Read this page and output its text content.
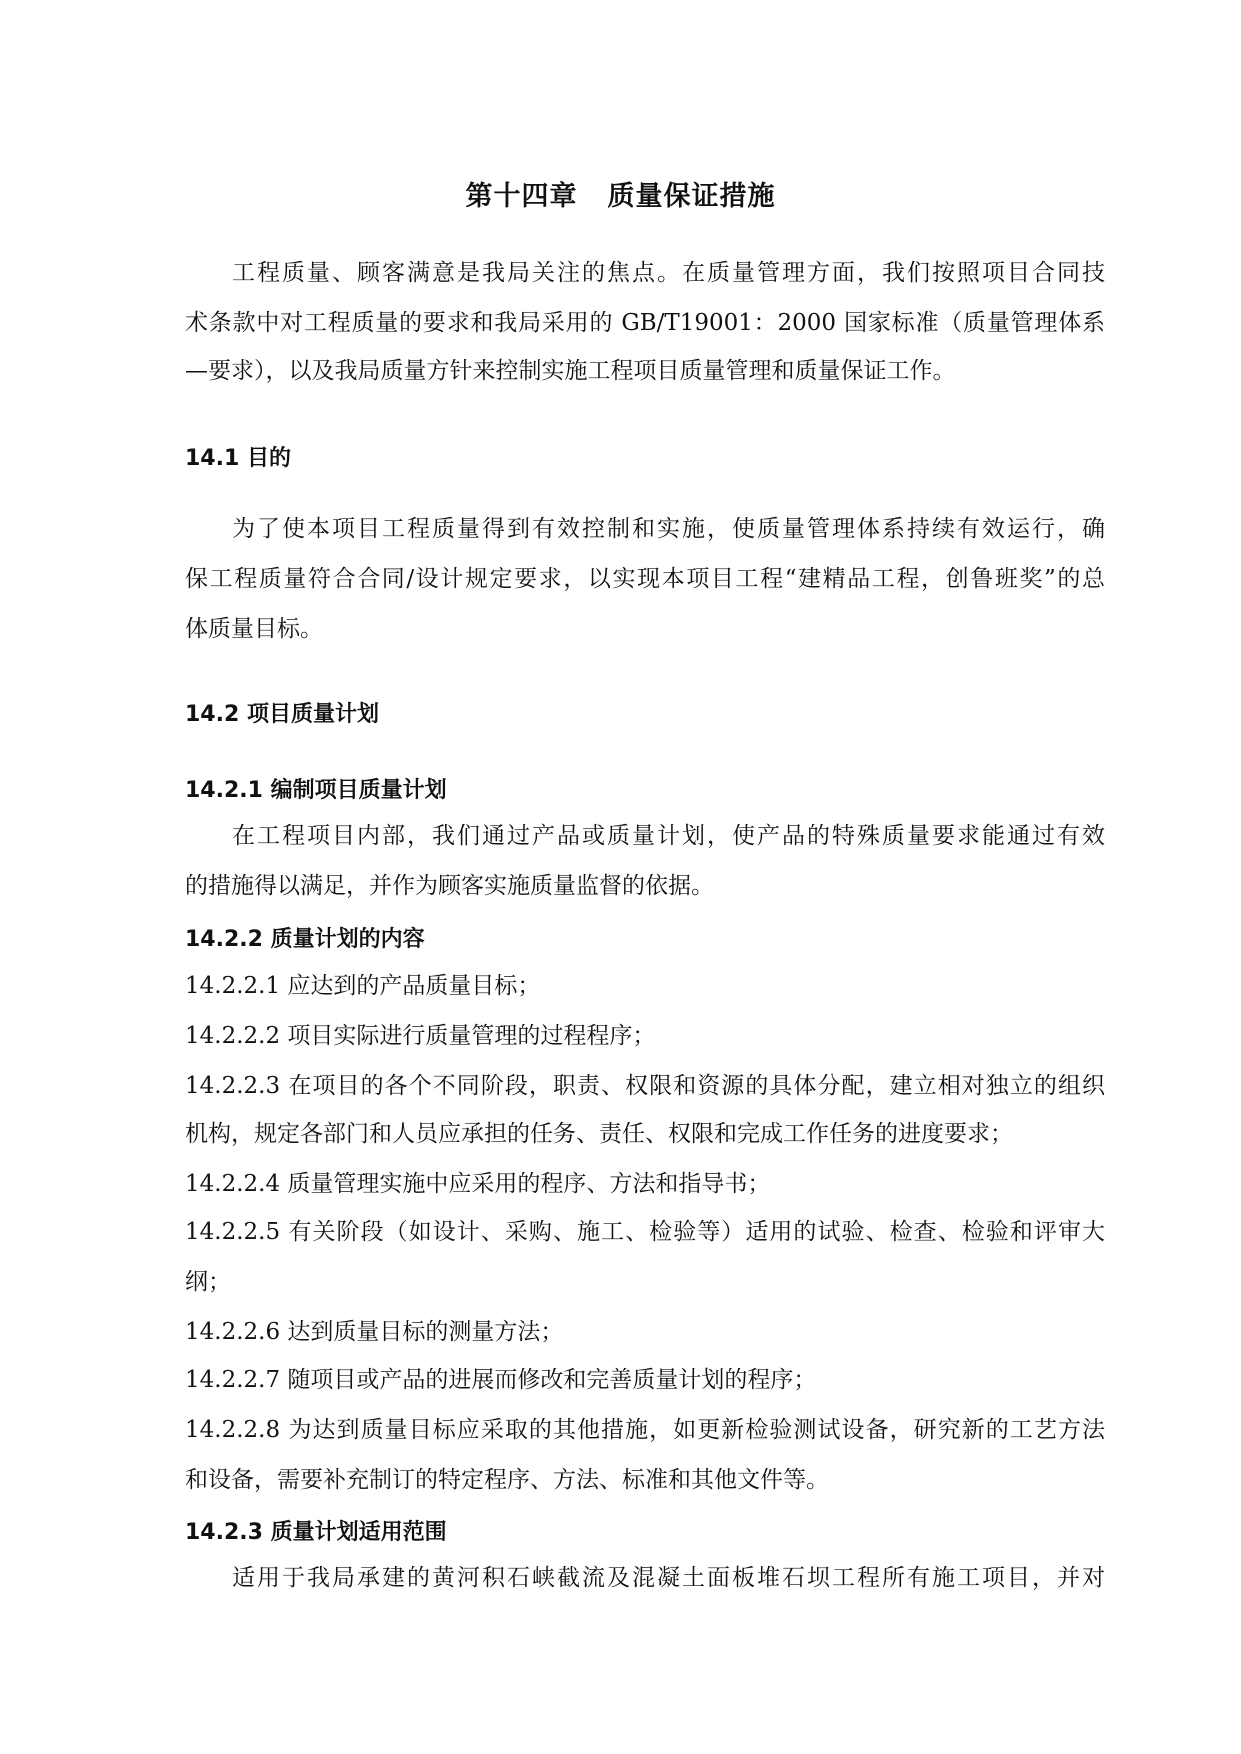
第十四章 质量保证措施
工程质量、顾客满意是我局关注的焦点。在质量管理方面，我们按照项目合同技
术条款中对工程质量的要求和我局采用的 GB/T19001：2000 国家标准（质量管理体系
—要求），以及我局质量方针来控制实施工程项目质量管理和质量保证工作。
14.1 目的
为了使本项目工程质量得到有效控制和实施，使质量管理体系持续有效运行，确
保工程质量符合合同/设计规定要求，以实现本项目工程“建精品工程，创鲁班奖”的总
体质量目标。
14.2 项目质量计划
14.2.1 编制项目质量计划
在工程项目内部，我们通过产品或质量计划，使产品的特殊质量要求能通过有效
的措施得以满足，并作为顾客实施质量监督的依据。
14.2.2 质量计划的内容
14.2.2.1 应达到的产品质量目标；
14.2.2.2 项目实际进行质量管理的过程程序；
14.2.2.3 在项目的各个不同阶段，职责、权限和资源的具体分配，建立相对独立的组织
机构，规定各部门和人员应承担的任务、责任、权限和完成工作任务的进度要求；
14.2.2.4 质量管理实施中应采用的程序、方法和指导书；
14.2.2.5 有关阶段（如设计、采购、施工、检验等）适用的试验、检查、检验和评审大
纲；
14.2.2.6 达到质量目标的测量方法；
14.2.2.7 随项目或产品的进展而修改和完善质量计划的程序；
14.2.2.8 为达到质量目标应采取的其他措施，如更新检验测试设备，研究新的工艺方法
和设备，需要补充制订的特定程序、方法、标准和其他文件等。
14.2.3 质量计划适用范围
适用于我局承建的黄河积石峡截流及混凝土面板堆石坝工程所有施工项目，并对
